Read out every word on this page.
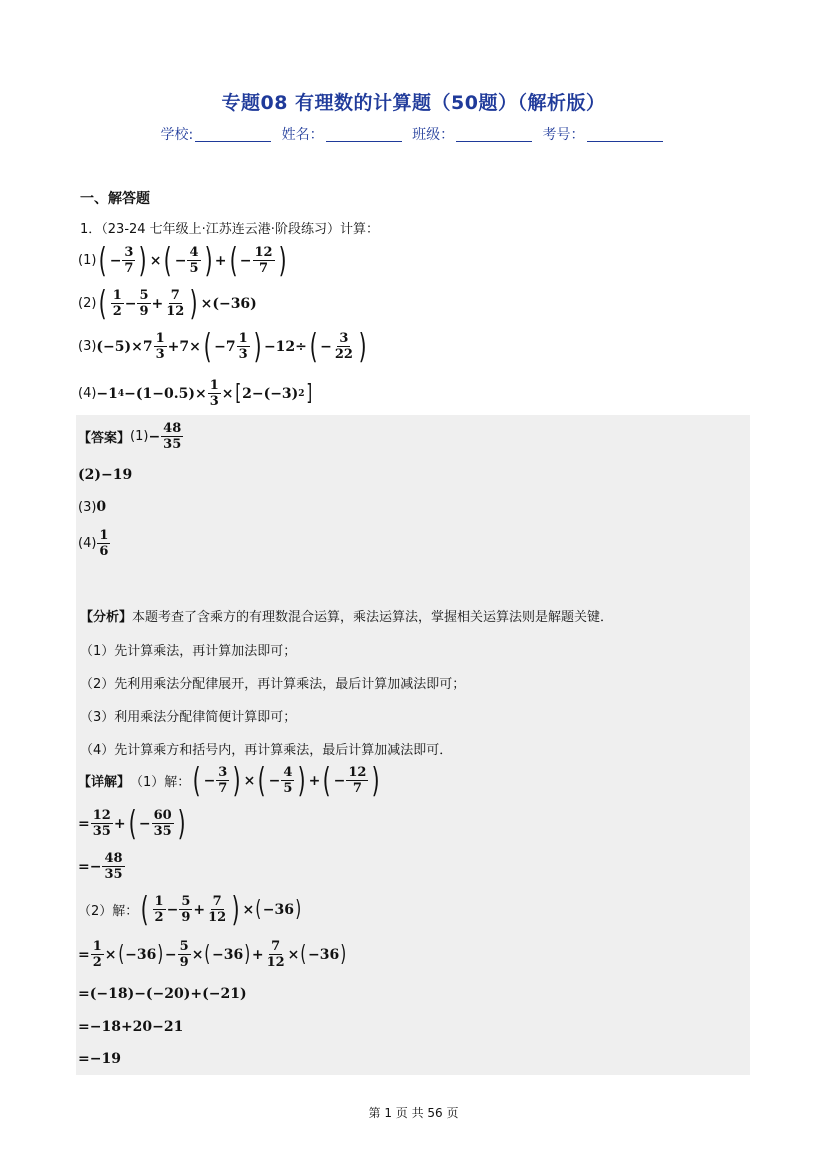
专题08 有理数的计算题（50题）（解析版）
学校:	姓名：	班级：	考号：
一、解答题
1．（23-24 七年级上·江苏连云港·阶段练习）计算：
(1) ( − $\frac{3}{7}$ ) × ( − $\frac{4}{5}$ ) + ( − $\frac{12}{7}$ )
(2) ( $\frac{1}{2} - \frac{5}{9} + \frac{7}{12}$ ) ×(−36)
(3) $(-5)\times 7 \frac{1}{3} +7\times$ ( $-7 \frac{1}{3}$ ) −12÷ ( − $\frac{3}{22}$ )
(4) −1 $4 -(1-0.5)\times \frac{1}{3}$ × [ 2−(−3) 2 ]
【答案】 $(1) - \frac{48}{35}$
(2)−19
(3) 0
$(4) \frac{1}{6}$
【分析】本题考查了含乘方的有理数混合运算，乘法运算法，掌握相关运算法则是解题关键．
（1）先计算乘法，再计算加法即可；
（2）先利用乘法分配律展开，再计算乘法，最后计算加减法即可；
（3）利用乘法分配律简便计算即可；
（4）先计算乘方和括号内，再计算乘法，最后计算加减法即可．
【详解】 （1）解： ( − $\frac{3}{7}$ ) × ( − $\frac{4}{5}$ ) + ( − $\frac{12}{7}$ )
= $\frac{12}{35}$ + ( − $\frac{60}{35}$ )
=− $\frac{48}{35}$
（2）解： ( $\frac{1}{2} - \frac{5}{9} + \frac{7}{12}$ ) × ( −36 )
= $\frac{1}{2}$ × ( −36 ) − $\frac{5}{9}$ × ( −36 ) + $\frac{7}{12}$ × ( −36 )
=(−18)−(−20)+(−21)
=−18+20−21
=−19
第 1 页 共 56 页
